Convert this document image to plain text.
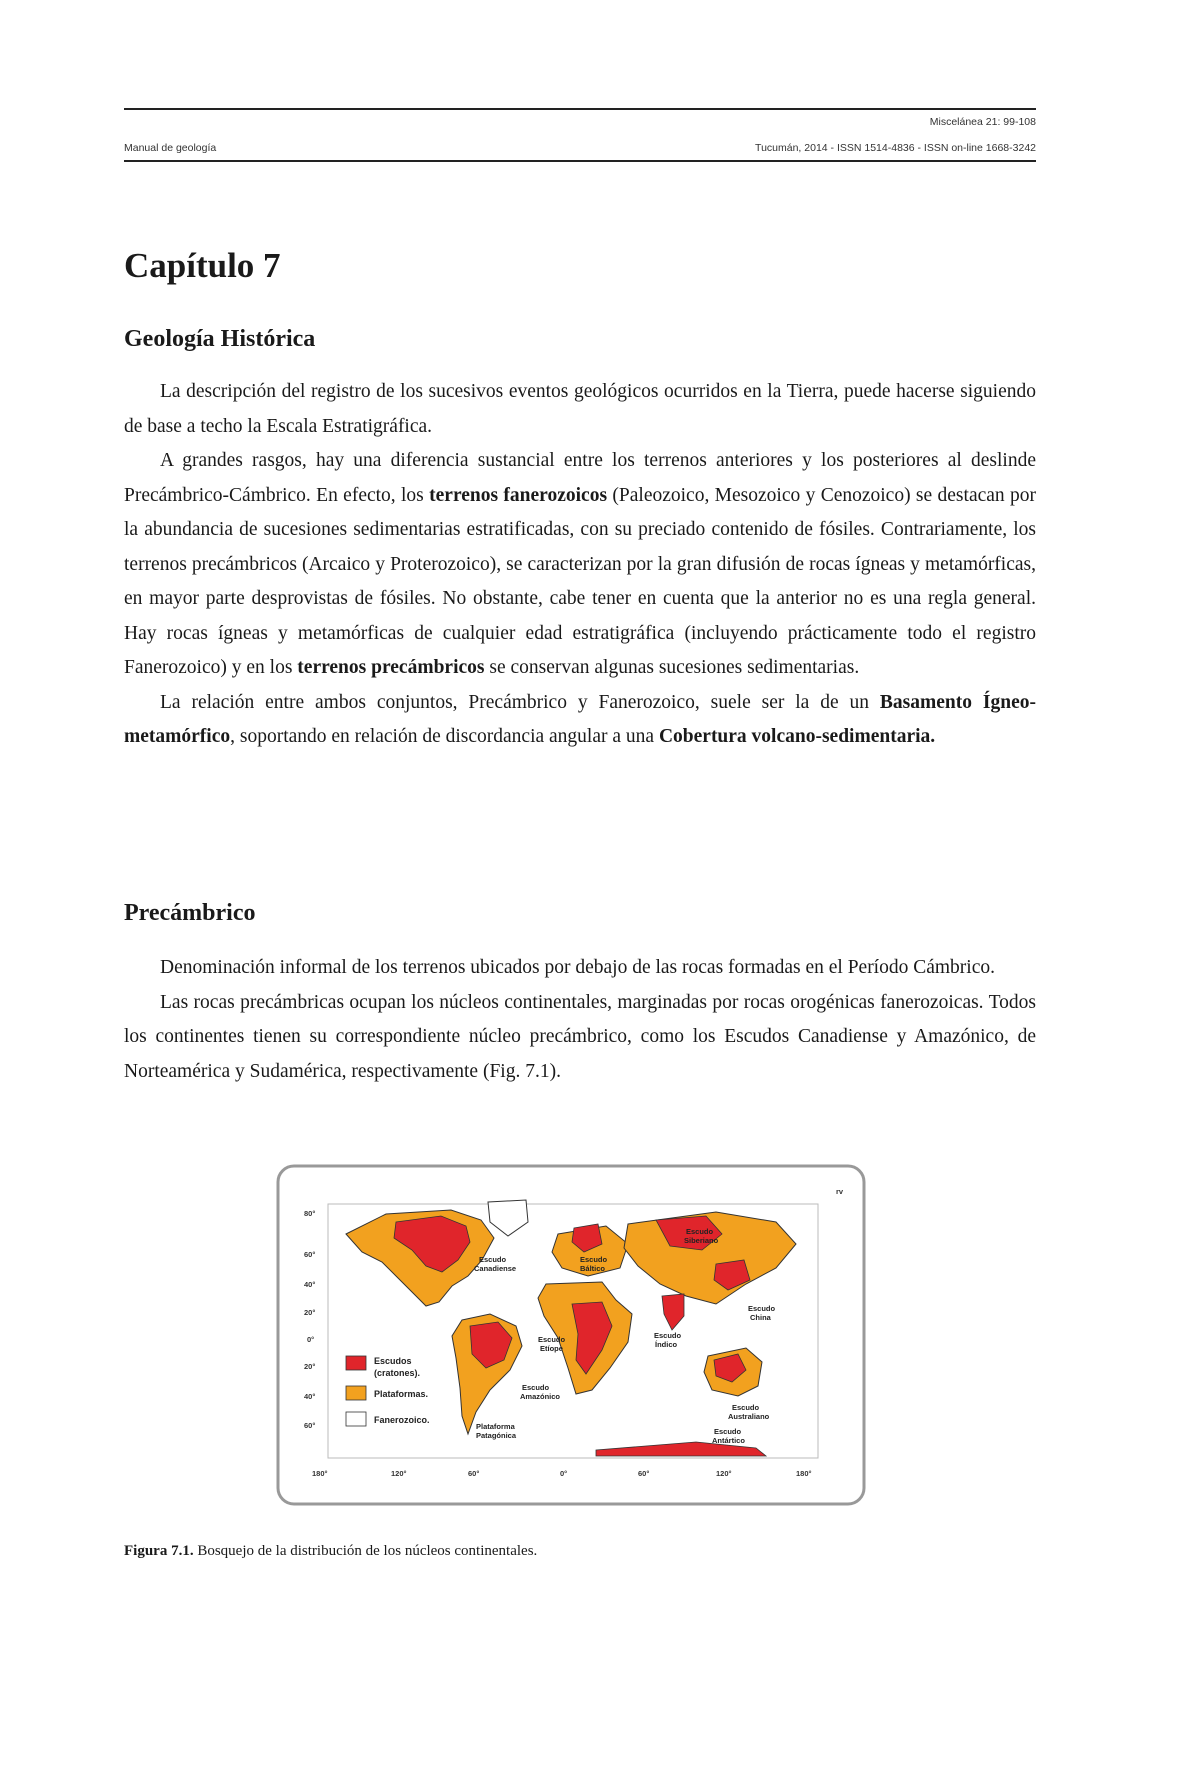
Manual de geología
Miscelánea 21: 99-108
Tucumán, 2014 - ISSN 1514-4836 - ISSN on-line 1668-3242
Capítulo 7
Geología Histórica

La descripción del registro de los sucesivos eventos geológicos ocurridos en la Tierra, puede hacerse siguiendo de base a techo la Escala Estratigráfica.

A grandes rasgos, hay una diferencia sustancial entre los terrenos anteriores y los posteriores al deslinde Precámbrico-Cámbrico. En efecto, los terrenos fanerozoicos (Paleozoico, Mesozoico y Cenozoico) se destacan por la abundancia de sucesiones sedimentarias estratificadas, con su preciado contenido de fósiles. Contrariamente, los terrenos precámbricos (Arcaico y Proterozoico), se caracterizan por la gran difusión de rocas ígneas y metamórficas, en mayor parte desprovistas de fósiles. No obstante, cabe tener en cuenta que la anterior no es una regla general. Hay rocas ígneas y metamórficas de cualquier edad estratigráfica (incluyendo prácticamente todo el registro Fanerozoico) y en los terrenos precámbricos se conservan algunas sucesiones sedimentarias.

La relación entre ambos conjuntos, Precámbrico y Fanerozoico, suele ser la de un Basamento Ígneo-metamórfico, soportando en relación de discordancia angular a una Cobertura volcano-sedimentaria.

Precámbrico

Denominación informal de los terrenos ubicados por debajo de las rocas formadas en el Período Cámbrico.

Las rocas precámbricas ocupan los núcleos continentales, marginadas por rocas orogénicas fanerozoicas. Todos los continentes tienen su correspondiente núcleo precámbrico, como los Escudos Canadiense y Amazónico, de Norteamérica y Sudamérica, respectivamente (Fig. 7.1).

80°
60°
40°
20°
0°
20°
40°
60°
180°	120°	60°	0°	60°	120°	180°
rv
Escudos
(cratones).
Plataformas.
Fanerozoico.
Escudo
Canadiense
Escudo
Báltico
Escudo
Siberiano
Escudo
China
Escudo
Índico
Escudo
Etíope
Escudo
Amazónico
Plataforma
Patagónica
Escudo
Australiano
Escudo
Antártico
Figura 7.1. Bosquejo de la distribución de los núcleos continentales.
